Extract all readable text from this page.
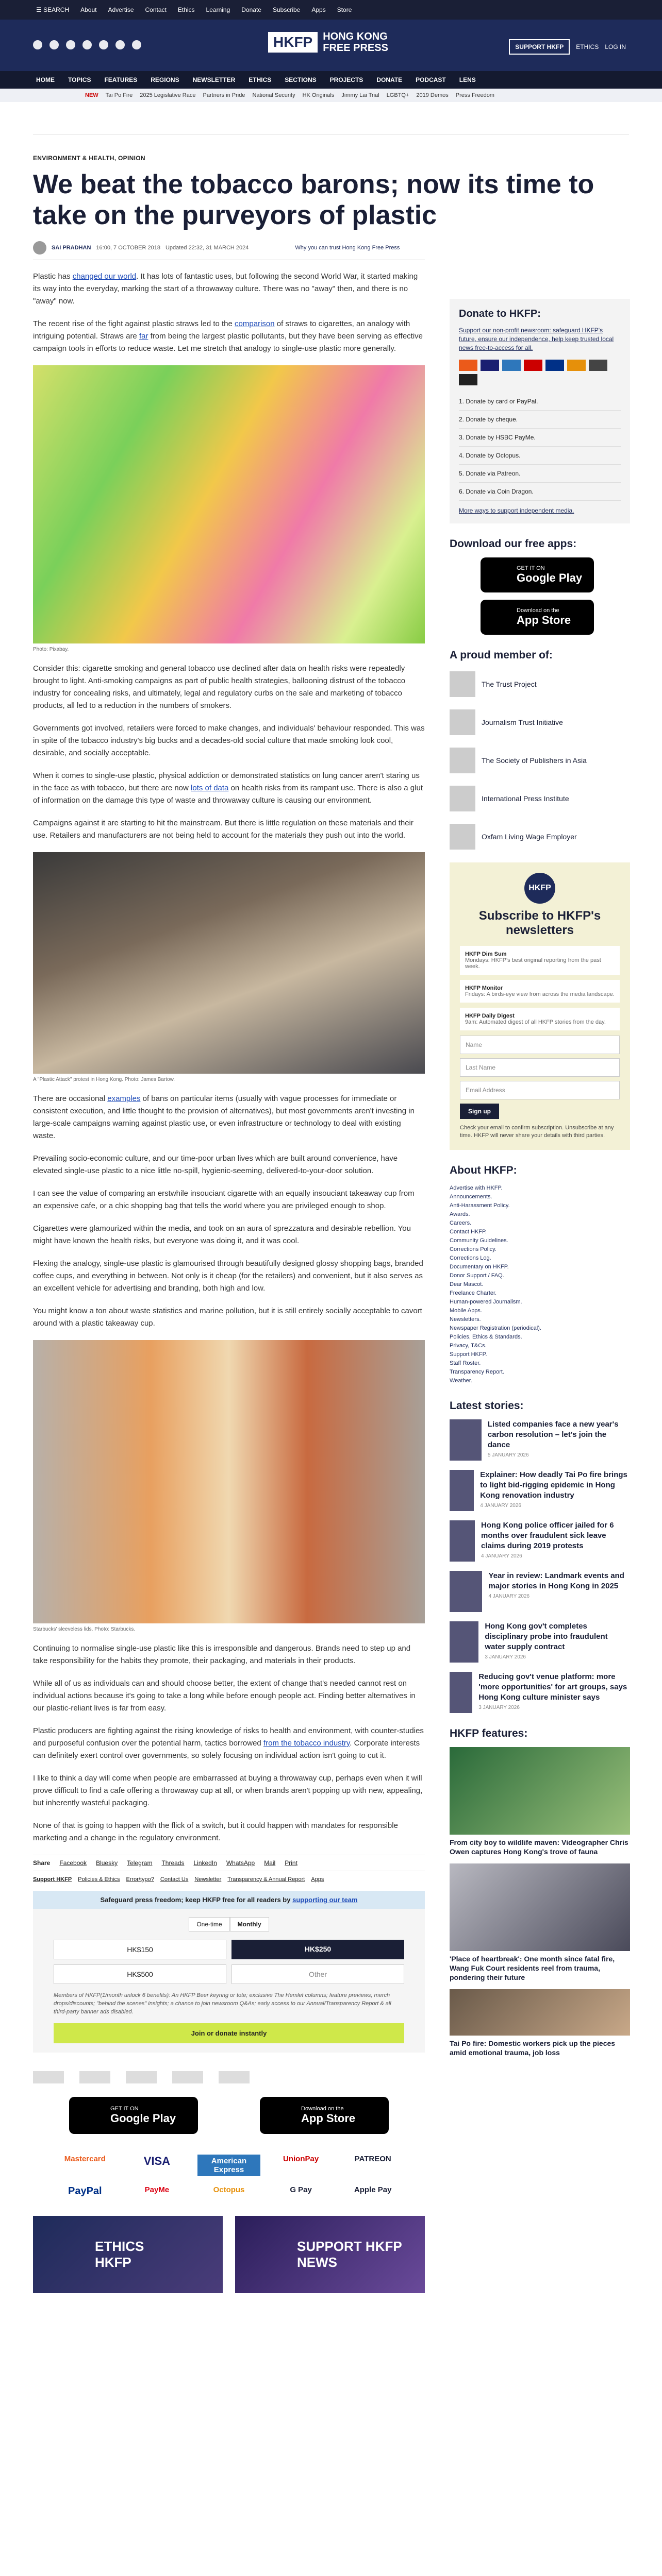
☰ SEARCH About Advertise Contact Ethics Learning Donate Subscribe Apps Store
HKFP	HONG KONG
FREE PRESS	SUPPORT HKFP	ETHICS LOG IN
HOME TOPICS FEATURES REGIONS NEWSLETTER ETHICS SECTIONS PROJECTS DONATE PODCAST LENS
NEW Tai Po Fire 2025 Legislative Race Partners in Pride National Security HK Originals Jimmy Lai Trial LGBTQ+ 2019 Demos Press Freedom
ENVIRONMENT & HEALTH, OPINION
We beat the tobacco barons; now its time to take on the purveyors of plastic
SAI PRADHAN 16:00, 7 OCTOBER 2018 Updated 22:32, 31 MARCH 2024	Why you can trust Hong Kong Free Press

Plastic has changed our world. It has lots of fantastic uses, but following the second World War, it started making its way into the everyday, marking the start of a throwaway culture. There was no "away" then, and there is no "away" now.

The recent rise of the fight against plastic straws led to the comparison of straws to cigarettes, an analogy with intriguing potential. Straws are far from being the largest plastic pollutants, but they have been serving as effective campaign tools in efforts to reduce waste. Let me stretch that analogy to single-use plastic more generally.

Photo: Pixabay.

Consider this: cigarette smoking and general tobacco use declined after data on health risks were repeatedly brought to light. Anti-smoking campaigns as part of public health strategies, ballooning distrust of the tobacco industry for concealing risks, and ultimately, legal and regulatory curbs on the sale and marketing of tobacco products, all led to a reduction in the numbers of smokers.

Governments got involved, retailers were forced to make changes, and individuals' behaviour responded. This was in spite of the tobacco industry's big bucks and a decades-old social culture that made smoking look cool, desirable, and socially acceptable.

When it comes to single-use plastic, physical addiction or demonstrated statistics on lung cancer aren't staring us in the face as with tobacco, but there are now lots of data on health risks from its rampant use. There is also a glut of information on the damage this type of waste and throwaway culture is causing our environment.

Campaigns against it are starting to hit the mainstream. But there is little regulation on these materials and their use. Retailers and manufacturers are not being held to account for the materials they push out into the world.

A "Plastic Attack" protest in Hong Kong. Photo: James Bartow.

There are occasional examples of bans on particular items (usually with vague processes for immediate or consistent execution, and little thought to the provision of alternatives), but most governments aren't investing in large-scale campaigns warning against plastic use, or even infrastructure or technology to deal with existing waste.

Prevailing socio-economic culture, and our time-poor urban lives which are built around convenience, have elevated single-use plastic to a nice little no-spill, hygienic-seeming, delivered-to-your-door solution.

I can see the value of comparing an erstwhile insouciant cigarette with an equally insouciant takeaway cup from an expensive cafe, or a chic shopping bag that tells the world where you are privileged enough to shop.

Cigarettes were glamourized within the media, and took on an aura of sprezzatura and desirable rebellion. You might have known the health risks, but everyone was doing it, and it was cool.

Flexing the analogy, single-use plastic is glamourised through beautifully designed glossy shopping bags, branded coffee cups, and everything in between. Not only is it cheap (for the retailers) and convenient, but it also serves as an excellent vehicle for advertising and branding, both high and low.

You might know a ton about waste statistics and marine pollution, but it is still entirely socially acceptable to cavort around with a plastic takeaway cup.

Starbucks' sleeveless lids. Photo: Starbucks.

Continuing to normalise single-use plastic like this is irresponsible and dangerous. Brands need to step up and take responsibility for the habits they promote, their packaging, and materials in their products.

While all of us as individuals can and should choose better, the extent of change that's needed cannot rest on individual actions because it's going to take a long while before enough people act. Finding better alternatives in our plastic-reliant lives is far from easy.

Plastic producers are fighting against the rising knowledge of risks to health and environment, with counter-studies and purposeful confusion over the potential harm, tactics borrowed from the tobacco industry. Corporate interests can definitely exert control over governments, so solely focusing on individual action isn't going to cut it.

I like to think a day will come when people are embarrassed at buying a throwaway cup, perhaps even when it will prove difficult to find a cafe offering a throwaway cup at all, or when brands aren't popping up with new, appealing, but inherently wasteful packaging.

None of that is going to happen with the flick of a switch, but it could happen with mandates for responsible marketing and a change in the regulatory environment.

Share Facebook Bluesky Telegram Threads LinkedIn WhatsApp Mail Print
Support HKFP Policies & Ethics Error/typo? Contact Us Newsletter Transparency & Annual Report Apps
Safeguard press freedom; keep HKFP free for all readers by supporting our team
One-time	Monthly
HK$150	HK$250
HK$500	Other
Members of HKFP(1/month unlock 6 benefits): An HKFP Beer keyring or tote; exclusive The Hemlet columns; feature previews; merch drops/discounts; "behind the scenes" insights; a chance to join newsroom Q&As; early access to our Annual/Transparency Report & all third-party banner ads disabled.
Join or donate instantly
GET IT ON
Google Play
Download on the
App Store
Mastercard	VISA	American Express
UnionPay	PATREON
PayPal	PayMe	Octopus	G Pay	Apple Pay
ETHICS
HKFP
SUPPORT HKFP
NEWS
Donate to HKFP:
Support our non-profit newsroom: safeguard HKFP's future, ensure our independence, help keep trusted local news free-to-access for all.
1. Donate by card or PayPal.
2. Donate by cheque.
3. Donate by HSBC PayMe.
4. Donate by Octopus.
5. Donate via Patreon.
6. Donate via Coin Dragon.
More ways to support independent media.
Download our free apps:
GET IT ON
Google Play
Download on the
App Store
A proud member of:
The Trust Project
Journalism Trust Initiative
The Society of Publishers in Asia
International Press Institute
Oxfam Living Wage Employer
HKFP
Subscribe to HKFP's newsletters
HKFP Dim Sum
Mondays: HKFP's best original reporting from the past week.
HKFP Monitor
Fridays: A birds-eye view from across the media landscape.
HKFP Daily Digest
9am: Automated digest of all HKFP stories from the day.
Name
Last Name
Email Address
Sign up
Check your email to confirm subscription. Unsubscribe at any time. HKFP will never share your details with third parties.
About HKFP:
Advertise with HKFP.
Announcements.
Anti-Harassment Policy.
Awards.
Careers.
Contact HKFP.
Community Guidelines.
Corrections Policy.
Corrections Log.
Documentary on HKFP.
Donor Support / FAQ.
Dear Mascot.
Freelance Charter.
Human-powered Journalism.
Mobile Apps.
Newsletters.
Newspaper Registration (periodical).
Policies, Ethics & Standards.
Privacy, T&Cs.
Support HKFP.
Staff Roster.
Transparency Report.
Weather.
Latest stories:
Listed companies face a new year's carbon resolution – let's join the dance
5 JANUARY 2026
Explainer: How deadly Tai Po fire brings to light bid-rigging epidemic in Hong Kong renovation industry
4 JANUARY 2026
Hong Kong police officer jailed for 6 months over fraudulent sick leave claims during 2019 protests
4 JANUARY 2026
Year in review: Landmark events and major stories in Hong Kong in 2025
4 JANUARY 2026
Hong Kong gov't completes disciplinary probe into fraudulent water supply contract
3 JANUARY 2026
Reducing gov't venue platform: more 'more opportunities' for art groups, says Hong Kong culture minister says
3 JANUARY 2026
HKFP features:
From city boy to wildlife maven: Videographer Chris Owen captures Hong Kong's trove of fauna
'Place of heartbreak': One month since fatal fire, Wang Fuk Court residents reel from trauma, pondering their future
Tai Po fire: Domestic workers pick up the pieces amid emotional trauma, job loss
